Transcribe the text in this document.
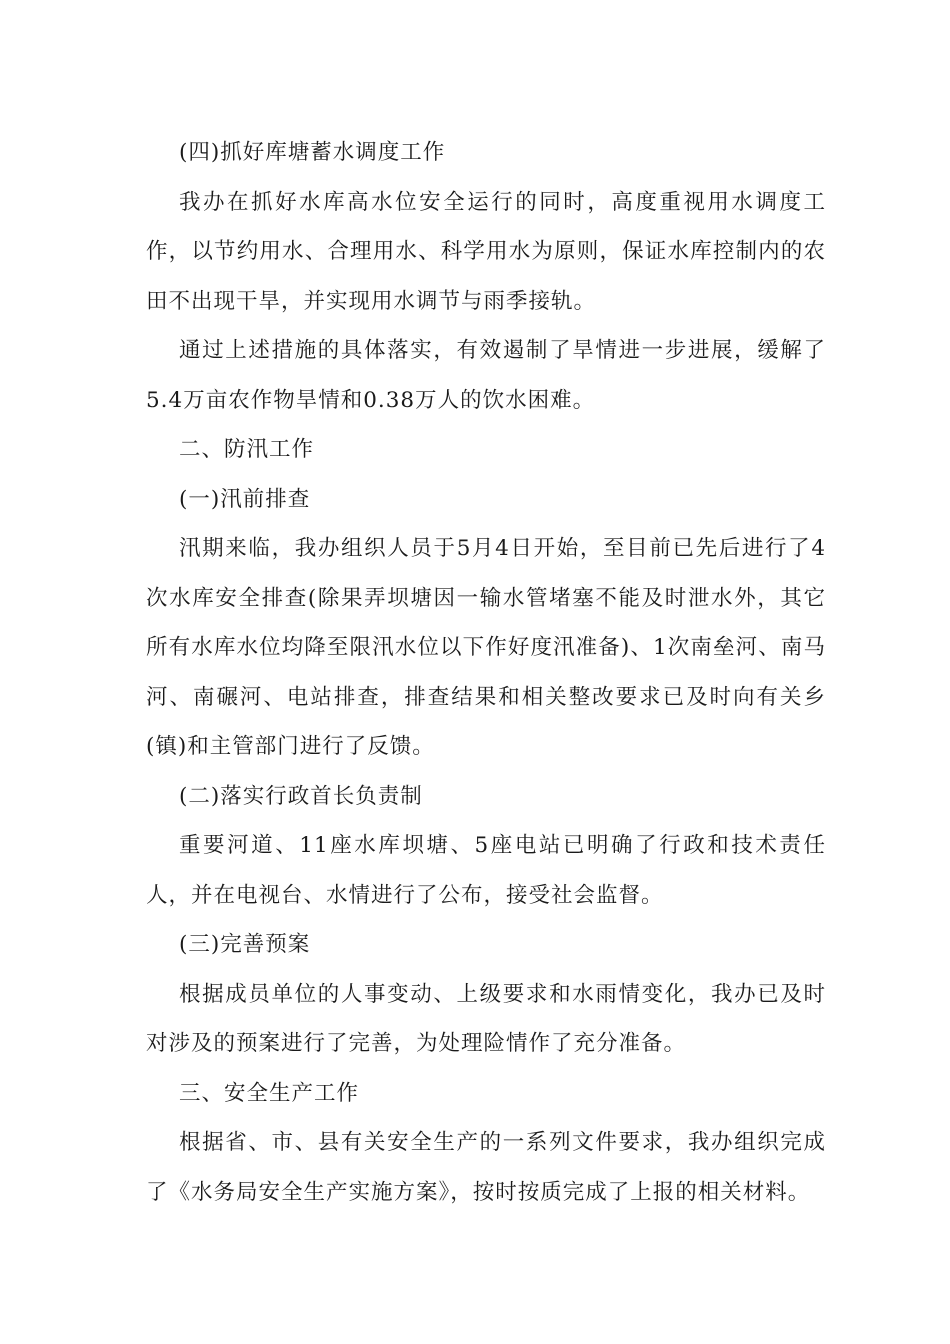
(四)抓好库塘蓄水调度工作

我办在抓好水库高水位安全运行的同时，高度重视用水调度工作，以节约用水、合理用水、科学用水为原则，保证水库控制内的农田不出现干旱，并实现用水调节与雨季接轨。

通过上述措施的具体落实，有效遏制了旱情进一步进展，缓解了5.4万亩农作物旱情和0.38万人的饮水困难。

二、防汛工作

(一)汛前排查

汛期来临，我办组织人员于5月4日开始，至目前已先后进行了4次水库安全排查(除果弄坝塘因一输水管堵塞不能及时泄水外，其它所有水库水位均降至限汛水位以下作好度汛准备)、1次南垒河、南马河、南碾河、电站排查，排查结果和相关整改要求已及时向有关乡(镇)和主管部门进行了反馈。

(二)落实行政首长负责制

重要河道、11座水库坝塘、5座电站已明确了行政和技术责任人，并在电视台、水情进行了公布，接受社会监督。

(三)完善预案

根据成员单位的人事变动、上级要求和水雨情变化，我办已及时对涉及的预案进行了完善，为处理险情作了充分准备。

三、安全生产工作

根据省、市、县有关安全生产的一系列文件要求，我办组织完成了《水务局安全生产实施方案》，按时按质完成了上报的相关材料。
